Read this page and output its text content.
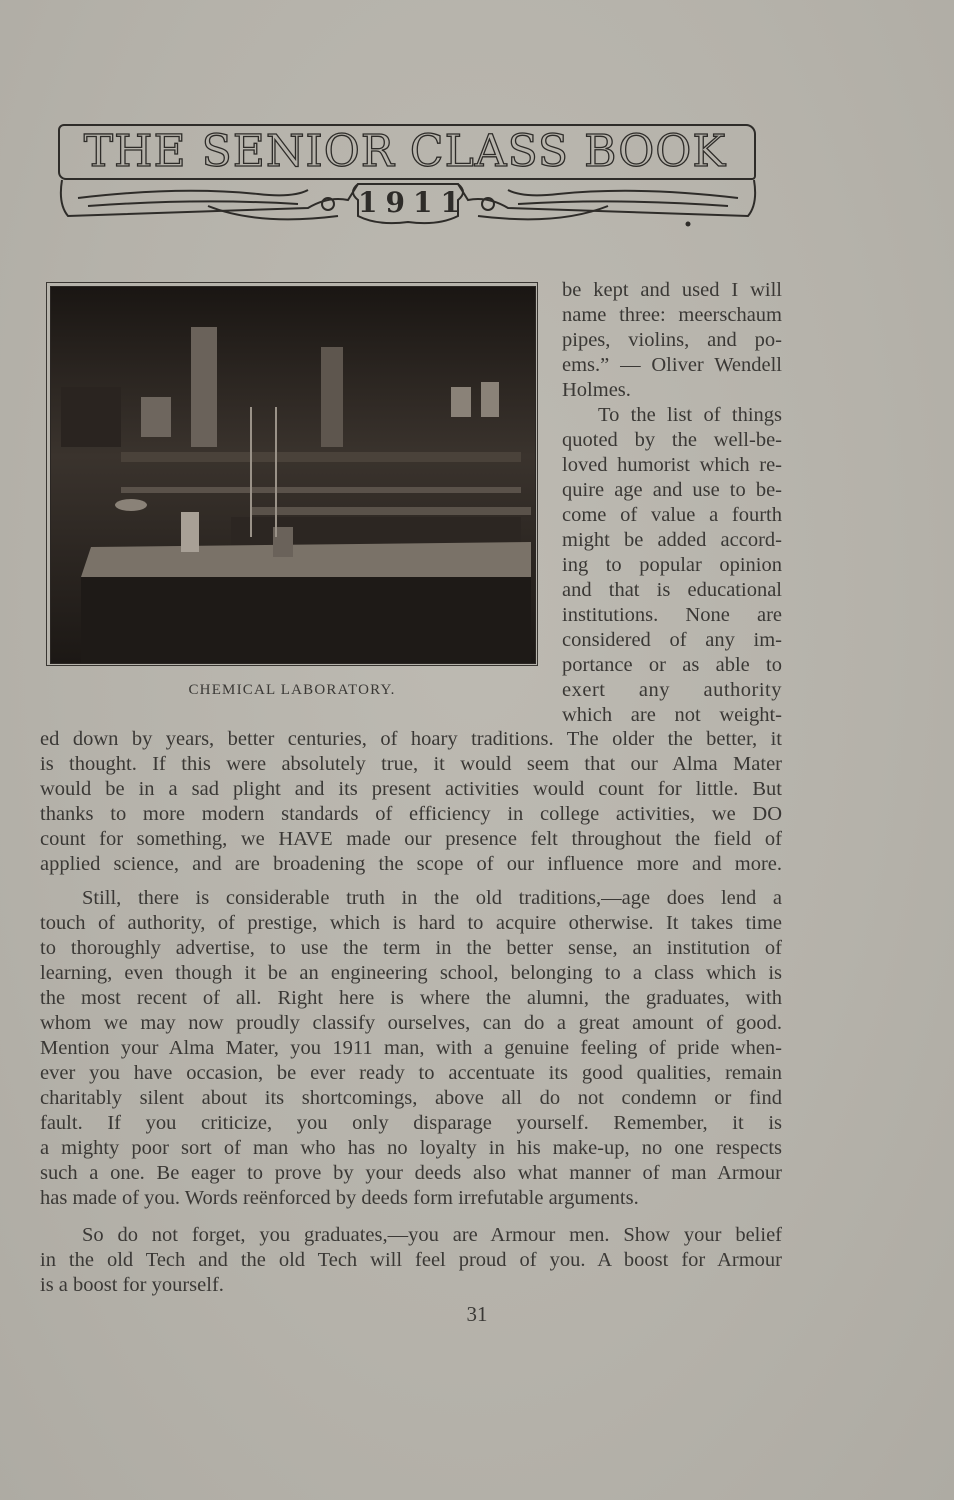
THE SENIOR CLASS BOOK
1911
CHEMICAL LABORATORY.
be kept and used I will
name three: meerschaum
pipes, violins, and po-
ems.” — Oliver Wendell
Holmes.
To the list of things
quoted by the well-be-
loved humorist which re-
quire age and use to be-
come of value a fourth
might be added accord-
ing to popular opinion
and that is educational
institutions. None are
considered of any im-
portance or as able to
exert any authority
which are not weight-
ed down by years, better centuries, of hoary traditions. The older the better, it
is thought. If this were absolutely true, it would seem that our Alma Mater
would be in a sad plight and its present activities would count for little. But
thanks to more modern standards of efficiency in college activities, we DO
count for something, we HAVE made our presence felt throughout the field of
applied science, and are broadening the scope of our influence more and more.
Still, there is considerable truth in the old traditions,—age does lend a
touch of authority, of prestige, which is hard to acquire otherwise. It takes time
to thoroughly advertise, to use the term in the better sense, an institution of
learning, even though it be an engineering school, belonging to a class which is
the most recent of all. Right here is where the alumni, the graduates, with
whom we may now proudly classify ourselves, can do a great amount of good.
Mention your Alma Mater, you 1911 man, with a genuine feeling of pride when-
ever you have occasion, be ever ready to accentuate its good qualities, remain
charitably silent about its shortcomings, above all do not condemn or find
fault. If you criticize, you only disparage yourself. Remember, it is
a mighty poor sort of man who has no loyalty in his make-up, no one respects
such a one. Be eager to prove by your deeds also what manner of man Armour
has made of you. Words reënforced by deeds form irrefutable arguments.
So do not forget, you graduates,—you are Armour men. Show your belief
in the old Tech and the old Tech will feel proud of you. A boost for Armour
is a boost for yourself.
31
